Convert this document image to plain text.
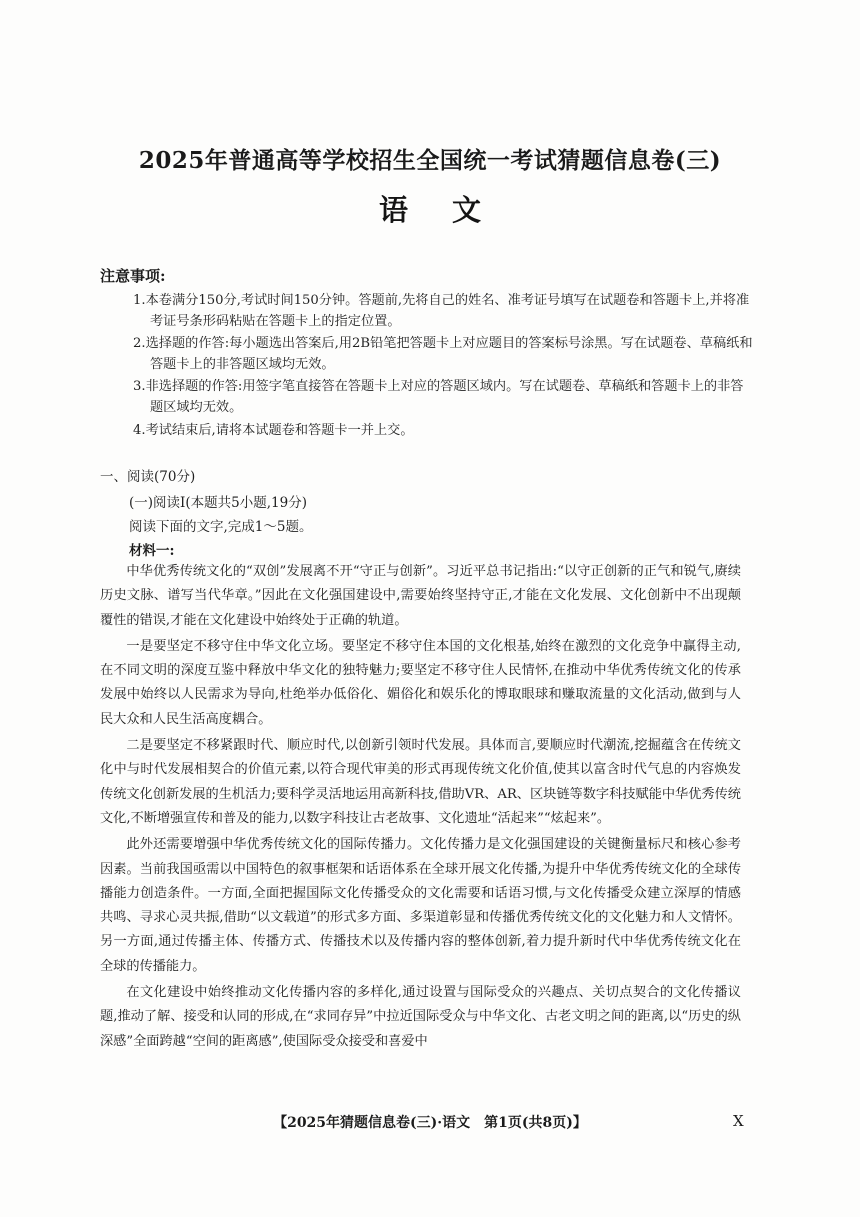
2025年普通高等学校招生全国统一考试猜题信息卷(三)
语文
注意事项:
1.本卷满分150分,考试时间150分钟。答题前,先将自己的姓名、准考证号填写在试题卷和答题卡上,并将准考证号条形码粘贴在答题卡上的指定位置。
2.选择题的作答:每小题选出答案后,用2B铅笔把答题卡上对应题目的答案标号涂黑。写在试题卷、草稿纸和答题卡上的非答题区域均无效。
3.非选择题的作答:用签字笔直接答在答题卡上对应的答题区域内。写在试题卷、草稿纸和答题卡上的非答题区域均无效。
4.考试结束后,请将本试题卷和答题卡一并上交。
一、阅读(70分)
(一)阅读Ⅰ(本题共5小题,19分)
阅读下面的文字,完成1～5题。
材料一:

中华优秀传统文化的“双创”发展离不开“守正与创新”。习近平总书记指出:“以守正创新的正气和锐气,赓续历史文脉、谱写当代华章。”因此在文化强国建设中,需要始终坚持守正,才能在文化发展、文化创新中不出现颠覆性的错误,才能在文化建设中始终处于正确的轨道。

一是要坚定不移守住中华文化立场。要坚定不移守住本国的文化根基,始终在激烈的文化竞争中赢得主动,在不同文明的深度互鉴中释放中华文化的独特魅力;要坚定不移守住人民情怀,在推动中华优秀传统文化的传承发展中始终以人民需求为导向,杜绝举办低俗化、媚俗化和娱乐化的博取眼球和赚取流量的文化活动,做到与人民大众和人民生活高度耦合。

二是要坚定不移紧跟时代、顺应时代,以创新引领时代发展。具体而言,要顺应时代潮流,挖掘蕴含在传统文化中与时代发展相契合的价值元素,以符合现代审美的形式再现传统文化价值,使其以富含时代气息的内容焕发传统文化创新发展的生机活力;要科学灵活地运用高新科技,借助VR、AR、区块链等数字科技赋能中华优秀传统文化,不断增强宣传和普及的能力,以数字科技让古老故事、文化遗址“活起来”“炫起来”。

此外还需要增强中华优秀传统文化的国际传播力。文化传播力是文化强国建设的关键衡量标尺和核心参考因素。当前我国亟需以中国特色的叙事框架和话语体系在全球开展文化传播,为提升中华优秀传统文化的全球传播能力创造条件。一方面,全面把握国际文化传播受众的文化需要和话语习惯,与文化传播受众建立深厚的情感共鸣、寻求心灵共振,借助“以文载道”的形式多方面、多渠道彰显和传播优秀传统文化的文化魅力和人文情怀。另一方面,通过传播主体、传播方式、传播技术以及传播内容的整体创新,着力提升新时代中华优秀传统文化在全球的传播能力。

在文化建设中始终推动文化传播内容的多样化,通过设置与国际受众的兴趣点、关切点契合的文化传播议题,推动了解、接受和认同的形成,在“求同存异”中拉近国际受众与中华文化、古老文明之间的距离,以“历史的纵深感”全面跨越“空间的距离感”,使国际受众接受和喜爱中

【2025年猜题信息卷(三)·语文　第1页(共8页)】	X
